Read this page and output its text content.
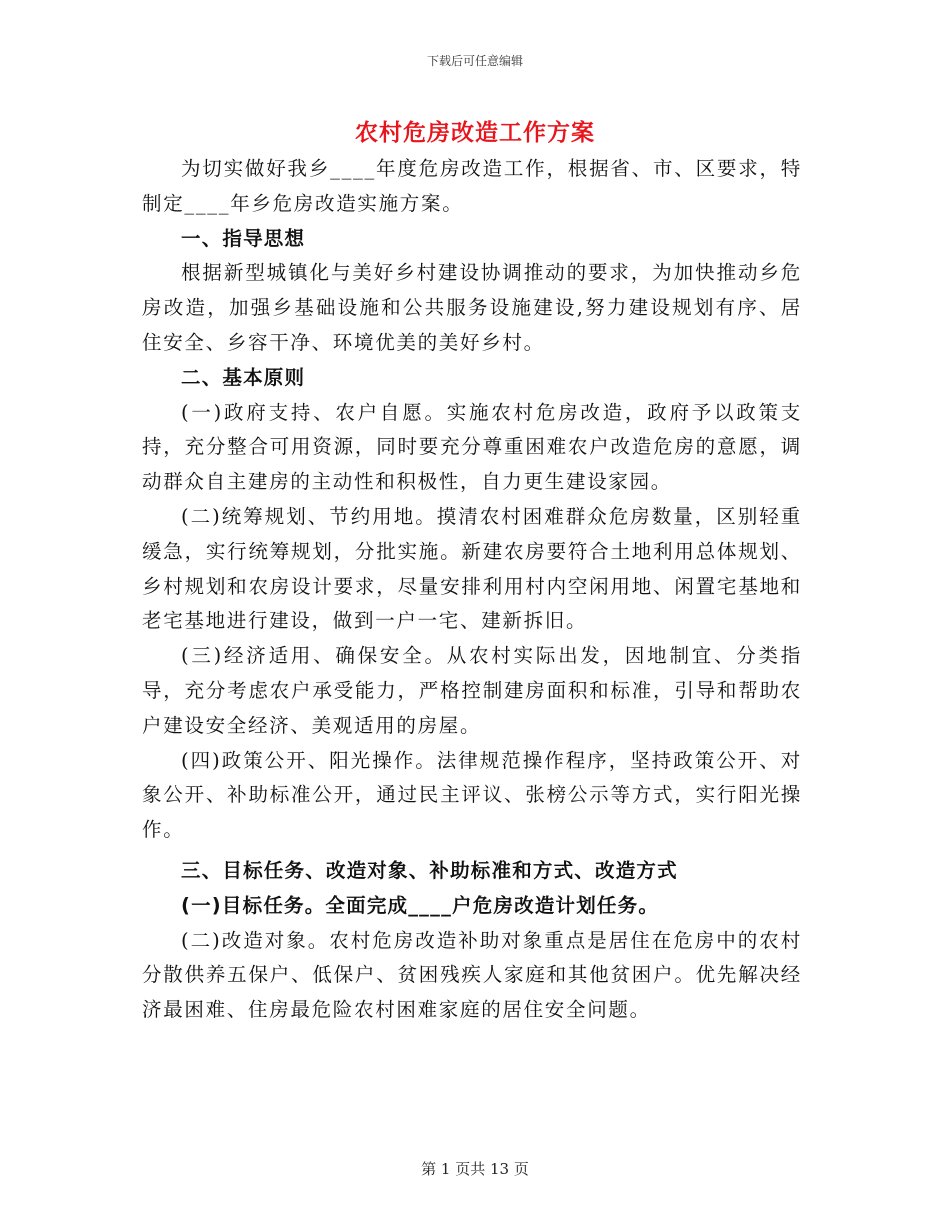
下载后可任意编辑
农村危房改造工作方案

为切实做好我乡____年度危房改造工作，根据省、市、区要求，特制定____年乡危房改造实施方案。

一、指导思想

根据新型城镇化与美好乡村建设协调推动的要求，为加快推动乡危房改造，加强乡基础设施和公共服务设施建设,努力建设规划有序、居住安全、乡容干净、环境优美的美好乡村。

二、基本原则

(一)政府支持、农户自愿。实施农村危房改造，政府予以政策支持，充分整合可用资源，同时要充分尊重困难农户改造危房的意愿，调动群众自主建房的主动性和积极性，自力更生建设家园。

(二)统筹规划、节约用地。摸清农村困难群众危房数量，区别轻重缓急，实行统筹规划，分批实施。新建农房要符合土地利用总体规划、乡村规划和农房设计要求，尽量安排利用村内空闲用地、闲置宅基地和老宅基地进行建设，做到一户一宅、建新拆旧。

(三)经济适用、确保安全。从农村实际出发，因地制宜、分类指导，充分考虑农户承受能力，严格控制建房面积和标准，引导和帮助农户建设安全经济、美观适用的房屋。

(四)政策公开、阳光操作。法律规范操作程序，坚持政策公开、对象公开、补助标准公开，通过民主评议、张榜公示等方式，实行阳光操作。

三、目标任务、改造对象、补助标准和方式、改造方式

(一)目标任务。全面完成____户危房改造计划任务。

(二)改造对象。农村危房改造补助对象重点是居住在危房中的农村分散供养五保户、低保户、贫困残疾人家庭和其他贫困户。优先解决经济最困难、住房最危险农村困难家庭的居住安全问题。

第 1 页共 13 页
